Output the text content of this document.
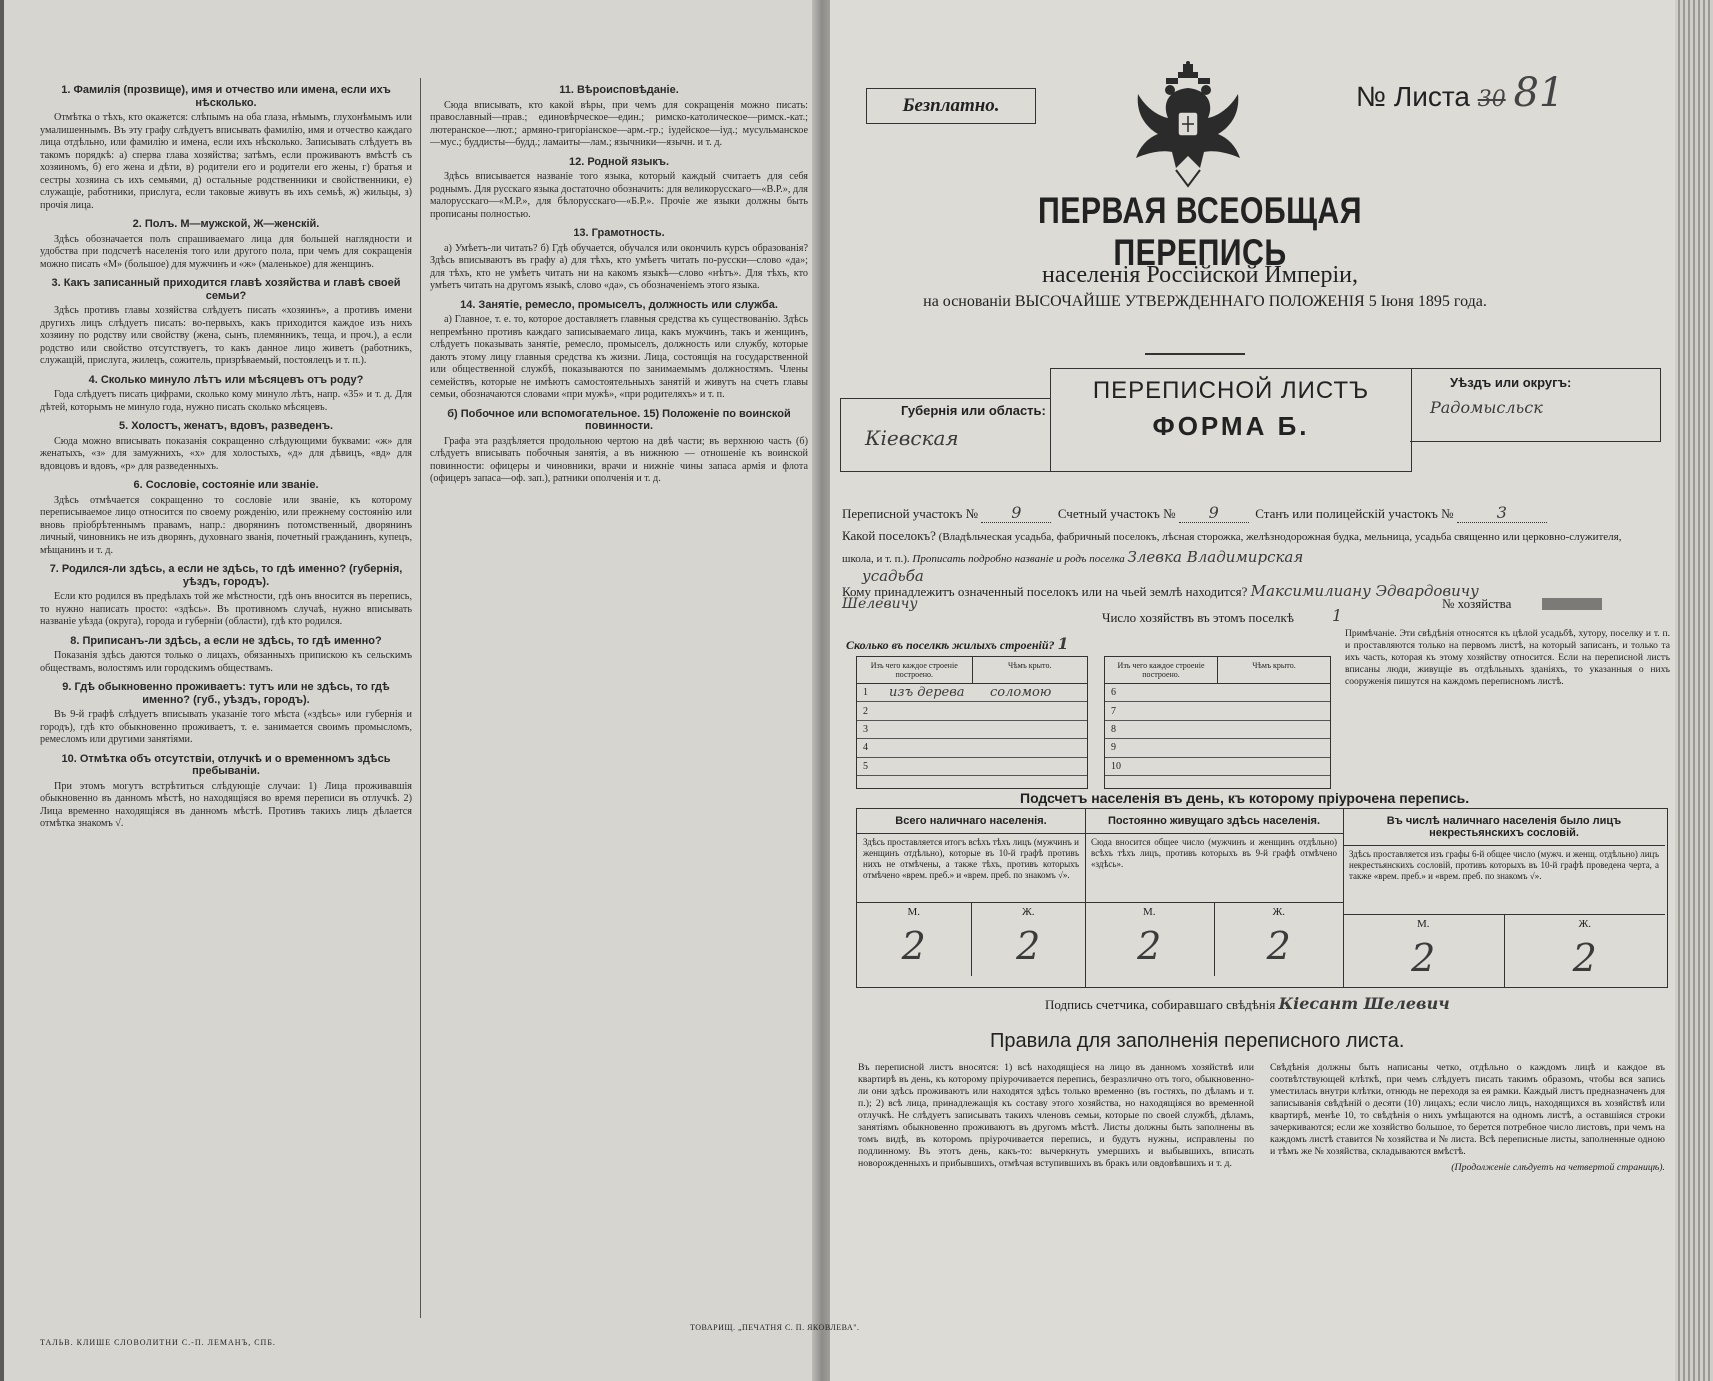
1. Фамилія (прозвище), имя и отчество или имена, если ихъ нѣсколько.

Отмѣтка о тѣхъ, кто окажется: слѣпымъ на оба глаза, нѣмымъ, глухонѣмымъ или умалишеннымъ. Въ эту графу слѣдуетъ вписывать фамилію, имя и отчество каждаго лица отдѣльно, или фамилію и имена, если ихъ нѣсколько. Записывать слѣдуетъ въ такомъ порядкѣ: а) сперва глава хозяйства; затѣмъ, если проживаютъ вмѣстѣ съ хозяиномъ, б) его жена и дѣти, в) родители его и родители его жены, г) братья и сестры хозяина съ ихъ семьями, д) остальные родственники и свойственники, е) служащіе, работники, прислуга, если таковые живутъ въ ихъ семьѣ, ж) жильцы, з) прочія лица.

2. Полъ. М—мужской, Ж—женскій.

Здѣсь обозначается полъ спрашиваемаго лица для большей наглядности и удобства при подсчетѣ населенія того или другого пола, при чемъ для сокращенія можно писать «М» (большое) для мужчинъ и «ж» (маленькое) для женщинъ.

3. Какъ записанный приходится главѣ хозяйства и главѣ своей семьи?

Здѣсь противъ главы хозяйства слѣдуетъ писать «хозяинъ», а противъ имени другихъ лицъ слѣдуетъ писать: во-первыхъ, какъ приходится каждое изъ нихъ хозяину по родству или свойству (жена, сынъ, племянникъ, теща, и проч.), а если родство или свойство отсутствуетъ, то какъ данное лицо живетъ (работникъ, служащій, прислуга, жилецъ, сожитель, призрѣваемый, постоялецъ и т. п.).

4. Сколько минуло лѣтъ или мѣсяцевъ отъ роду?

Года слѣдуетъ писать цифрами, сколько кому минуло лѣтъ, напр. «35» и т. д. Для дѣтей, которымъ не минуло года, нужно писать сколько мѣсяцевъ.

5. Холостъ, женатъ, вдовъ, разведенъ.

Сюда можно вписывать показанія сокращенно слѣдующими буквами: «ж» для женатыхъ, «з» для замужнихъ, «х» для холостыхъ, «д» для дѣвицъ, «вд» для вдовцовъ и вдовъ, «р» для разведенныхъ.

6. Сословіе, состояніе или званіе.

Здѣсь отмѣчается сокращенно то сословіе или званіе, къ которому переписываемое лицо относится по своему рожденію, или прежнему состоянію или вновь пріобрѣтеннымъ правамъ, напр.: дворянинъ потомственный, дворянинъ личный, чиновникъ не изъ дворянъ, духовнаго званія, почетный гражданинъ, купецъ, мѣщанинъ и т. д.

7. Родился-ли здѣсь, а если не здѣсь, то гдѣ именно? (губернія, уѣздъ, городъ).

Если кто родился въ предѣлахъ той же мѣстности, гдѣ онъ вносится въ перепись, то нужно написать просто: «здѣсь». Въ противномъ случаѣ, нужно вписывать названіе уѣзда (округа), города и губерніи (области), гдѣ кто родился.

8. Приписанъ-ли здѣсь, а если не здѣсь, то гдѣ именно?

Показанія здѣсь даются только о лицахъ, обязанныхъ припискою къ сельскимъ обществамъ, волостямъ или городскимъ обществамъ.

9. Гдѣ обыкновенно проживаетъ: тутъ или не здѣсь, то гдѣ именно? (губ., уѣздъ, городъ).

Въ 9-й графѣ слѣдуетъ вписывать указаніе того мѣста («здѣсь» или губернія и городъ), гдѣ кто обыкновенно проживаетъ, т. е. занимается своимъ промысломъ, ремесломъ или другими занятіями.

10. Отмѣтка объ отсутствіи, отлучкѣ и о временномъ здѣсь пребываніи.

При этомъ могутъ встрѣтиться слѣдующіе случаи: 1) Лица проживавшія обыкновенно въ данномъ мѣстѣ, но находящіяся во время переписи въ отлучкѣ. 2) Лица временно находящіяся въ данномъ мѣстѣ. Противъ такихъ лицъ дѣлается отмѣтка знакомъ √.

11. Вѣроисповѣданіе.

Сюда вписывать, кто какой вѣры, при чемъ для сокращенія можно писать: православный—прав.; единовѣрческое—един.; римско-католическое—римск.-кат.; лютеранское—лют.; армяно-григоріанское—арм.-гр.; іудейское—іуд.; мусульманское—мус.; буддисты—будд.; ламаиты—лам.; язычники—язычн. и т. д.

12. Родной языкъ.

Здѣсь вписывается названіе того языка, который каждый считаетъ для себя роднымъ. Для русскаго языка достаточно обозначить: для великорусскаго—«В.Р.», для малорусскаго—«М.Р.», для бѣлорусскаго—«Б.Р.». Прочіе же языки должны быть прописаны полностью.

13. Грамотность.

а) Умѣетъ-ли читать? б) Гдѣ обучается, обучался или окончилъ курсъ образованія? Здѣсь вписываютъ въ графу а) для тѣхъ, кто умѣетъ читать по-русски—слово «да»; для тѣхъ, кто не умѣетъ читать ни на какомъ языкѣ—слово «нѣтъ». Для тѣхъ, кто умѣетъ читать на другомъ языкѣ, слово «да», съ обозначеніемъ этого языка.

14. Занятіе, ремесло, промыселъ, должность или служба.

а) Главное, т. е. то, которое доставляетъ главныя средства къ существованію. Здѣсь непремѣнно противъ каждаго записываемаго лица, какъ мужчинъ, такъ и женщинъ, слѣдуетъ показывать занятіе, ремесло, промыселъ, должность или службу, которые даютъ этому лицу главныя средства къ жизни. Лица, состоящія на государственной или общественной службѣ, показываются по занимаемымъ должностямъ. Члены семействъ, которые не имѣютъ самостоятельныхъ занятій и живутъ на счетъ главы семьи, обозначаются словами «при мужѣ», «при родителяхъ» и т. п.

б) Побочное или вспомогательное. 15) Положеніе по воинской повинности.

Графа эта раздѣляется продольною чертою на двѣ части; въ верхнюю часть (б) слѣдуетъ вписывать побочныя занятія, а въ нижнюю — отношеніе къ воинской повинности: офицеры и чиновники, врачи и нижніе чины запаса армія и флота (офицеръ запаса—оф. зап.), ратники ополченія и т. д.

ТАЛЬВ. КЛИШЕ СЛОВОЛИТНИ С.-П. ЛЕМАНЪ, СПБ.
ТОВАРИЩ. „ПЕЧАТНЯ С. П. ЯКОВЛЕВА".
Безплатно.	№ Листа 30 81
ПЕРВАЯ ВСЕОБЩАЯ ПЕРЕПИСЬ
населенія Россійской Имперіи,
на основаніи ВЫСОЧАЙШЕ УТВЕРЖДЕННАГО ПОЛОЖЕНІЯ 5 Іюня 1895 года.
Губернія или область:
Кіевская
ПЕРЕПИСНОЙ ЛИСТЪ
ФОРМА Б.
Уѣздъ или округъ:
Радомысльск
Переписной участокъ № 9	Счетный участокъ № 9	Станъ или полицейскій участокъ №	3
Какой поселокъ? (Владѣльческая усадьба, фабричный поселокъ, лѣсная сторожка, желѣзнодорожная будка, мельница, усадьба священно или церковно-служителя, школа, и т. п.). Прописать подробно названіе и родъ поселка Злевка Владимирская
усадьба
Кому принадлежитъ означенный поселокъ или на чьей землѣ находится? Максимилиану Эдвардовичу
Шелевичу
Число хозяйствъ въ этомъ поселкѣ 1
№ хозяйства
Сколько въ поселкѣ жилыхъ строеній? 1
Изъ чего каждое строеніе построено.
Чѣмъ крыто.
1	изъ дерева	соломою
2
3
4
5
Изъ чего каждое строеніе построено.
Чѣмъ крыто.
6
7
8
9
10
Примѣчаніе. Эти свѣдѣнія относятся къ цѣлой усадьбѣ, хутору, поселку и т. п. и проставляются только на первомъ листѣ, на который записанъ, и только та ихъ часть, которая къ этому хозяйству относится. Если на переписной листъ вписаны люди, живущіе въ отдѣльныхъ зданіяхъ, то указанныя о нихъ сооруженія пишутся на каждомъ переписномъ листѣ.
Подсчетъ населенія въ день, къ которому пріурочена перепись.
Всего наличнаго населенія.
Здѣсь проставляется итогъ всѣхъ тѣхъ лицъ (мужчинъ и женщинъ отдѣльно), которые въ 10-й графѣ противъ нихъ не отмѣчены, а также тѣхъ, противъ которыхъ отмѣчено «врем. преб.» и «врем. преб. по знакомъ √».
М.	Ж.
2	2
Постоянно живущаго здѣсь населенія.
Сюда вносится общее число (мужчинъ и женщинъ отдѣльно) всѣхъ тѣхъ лицъ, противъ которыхъ въ 9-й графѣ отмѣчено «здѣсь».
М.	Ж.
2	2
Въ числѣ наличнаго населенія было лицъ некрестьянскихъ сословій.
Здѣсь проставляется изъ графы 6-й общее число (мужч. и женщ. отдѣльно) лицъ некрестьянскихъ сословій, противъ которыхъ въ 10-й графѣ проведена черта, а также «врем. преб.» и «врем. преб. по знакомъ √».
М.	Ж.
2	2
Подпись счетчика, собиравшаго свѣдѣнія Кіесант Шелевич
Правила для заполненія переписного листа.
Въ переписной листъ вносятся: 1) всѣ находящіеся на лицо въ данномъ хозяйствѣ или квартирѣ въ день, къ которому пріурочивается перепись, безразлично отъ того, обыкновенно-ли они здѣсь проживаютъ или находятся здѣсь только временно (въ гостяхъ, по дѣламъ и т. п.); 2) всѣ лица, принадлежащія къ составу этого хозяйства, но находящіяся во временной отлучкѣ. Не слѣдуетъ записывать такихъ членовъ семьи, которые по своей службѣ, дѣламъ, занятіямъ обыкновенно проживаютъ въ другомъ мѣстѣ. Листы должны быть заполнены въ томъ видѣ, въ которомъ пріурочивается перепись, и будутъ нужны, исправлены по подлинному. Въ этотъ день, какъ-то: вычеркнуть умершихъ и выбывшихъ, вписать новорожденныхъ и прибывшихъ, отмѣчая вступившихъ въ бракъ или овдовѣвшихъ и т. д.
Свѣдѣнія должны быть написаны четко, отдѣльно о каждомъ лицѣ и каждое въ соотвѣтствующей клѣткѣ, при чемъ слѣдуетъ писать такимъ образомъ, чтобы вся запись уместилась внутри клѣтки, отнюдь не переходя за ея рамки. Каждый листъ предназначенъ для записыванія свѣдѣній о десяти (10) лицахъ; если число лицъ, находящихся въ хозяйствѣ или квартирѣ, менѣе 10, то свѣдѣнія о нихъ умѣщаются на одномъ листѣ, а оставшіяся строки зачеркиваются; если же хозяйство большое, то берется потребное число листовъ, при чемъ на каждомъ листѣ ставится № хозяйства и № листа. Всѣ переписные листы, заполненные одною и тѣмъ же № хозяйства, складываются вмѣстѣ.
(Продолженіе слѣдуетъ на четвертой страницѣ).
